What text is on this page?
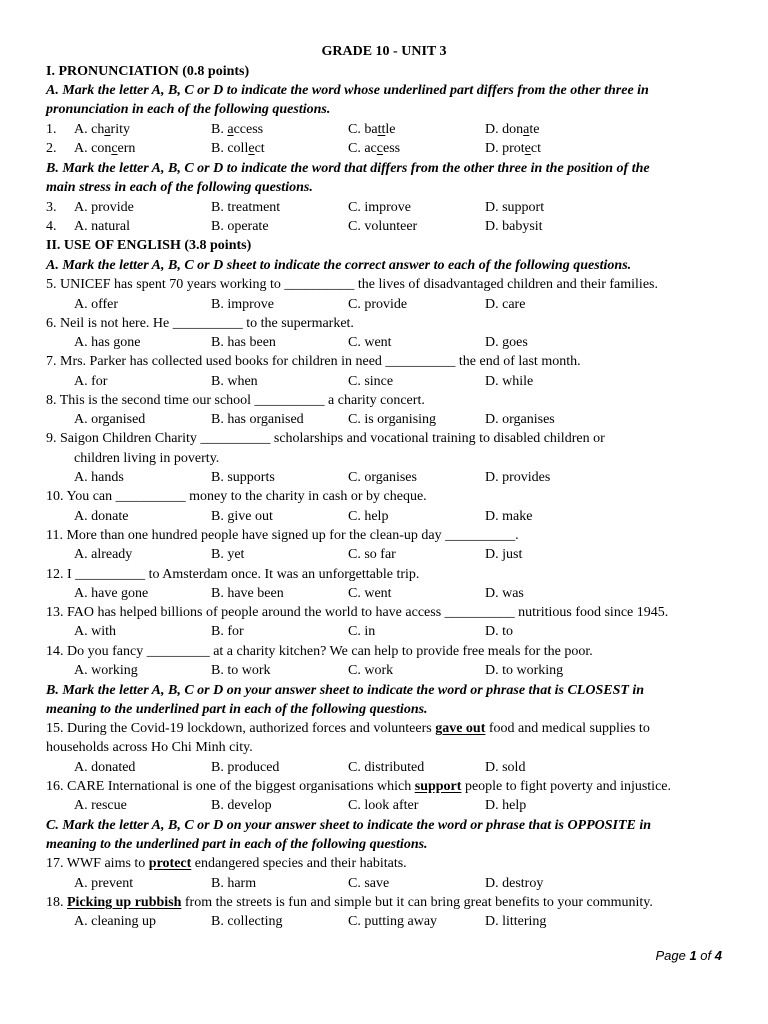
GRADE 10 - UNIT 3
I. PRONUNCIATION (0.8 points)
A. Mark the letter A, B, C or D to indicate the word whose underlined part differs from the other three in
pronunciation in each of the following questions.
1. A. charity	B. access	C. battle	D. donate
2. A. concern	B. collect	C. access	D. protect
B. Mark the letter A, B, C or D to indicate the word that differs from the other three in the position of the
main stress in each of the following questions.
3. A. provide	B. treatment	C. improve	D. support
4. A. natural	B. operate	C. volunteer	D. babysit
II. USE OF ENGLISH (3.8 points)
A. Mark the letter A, B, C or D sheet to indicate the correct answer to each of the following questions.
5. UNICEF has spent 70 years working to __________ the lives of disadvantaged children and their families.
A. offer	B. improve	C. provide	D. care
6. Neil is not here. He __________ to the supermarket.
A. has gone	B. has been	C. went	D. goes
7. Mrs. Parker has collected used books for children in need __________ the end of last month.
A. for	B. when	C. since	D. while
8. This is the second time our school __________ a charity concert.
A. organised	B. has organised	C. is organising	D. organises
9. Saigon Children Charity __________ scholarships and vocational training to disabled children or
children living in poverty.
A. hands	B. supports	C. organises	D. provides
10. You can __________ money to the charity in cash or by cheque.
A. donate	B. give out	C. help	D. make
11. More than one hundred people have signed up for the clean-up day __________.
A. already	B. yet	C. so far	D. just
12. I __________ to Amsterdam once. It was an unforgettable trip.
A. have gone	B. have been	C. went	D. was
13. FAO has helped billions of people around the world to have access __________ nutritious food since 1945.
A. with	B. for	C. in	D. to
14. Do you fancy _________ at a charity kitchen? We can help to provide free meals for the poor.
A. working	B. to work	C. work	D. to working
B. Mark the letter A, B, C or D on your answer sheet to indicate the word or phrase that is CLOSEST in
meaning to the underlined part in each of the following questions.
15. During the Covid-19 lockdown, authorized forces and volunteers gave out food and medical supplies to
households across Ho Chi Minh city.
A. donated	B. produced	C. distributed	D. sold
16. CARE International is one of the biggest organisations which support people to fight poverty and injustice.
A. rescue	B. develop	C. look after	D. help
C. Mark the letter A, B, C or D on your answer sheet to indicate the word or phrase that is OPPOSITE in
meaning to the underlined part in each of the following questions.
17. WWF aims to protect endangered species and their habitats.
A. prevent	B. harm	C. save	D. destroy
18. Picking up rubbish from the streets is fun and simple but it can bring great benefits to your community.
A. cleaning up	B. collecting	C. putting away	D. littering
Page 1 of 4
